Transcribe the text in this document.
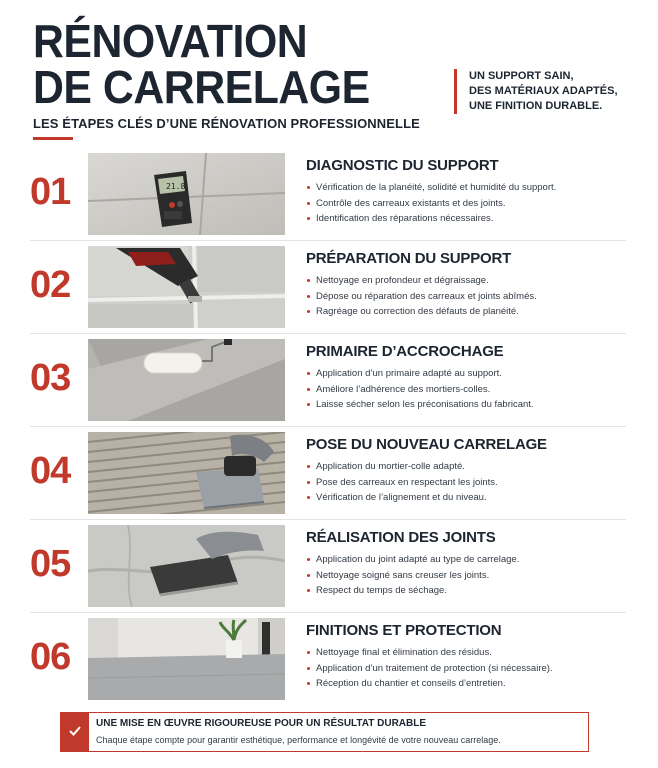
RÉNOVATION
DE CARRELAGE
LES ÉTAPES CLÉS D’UNE RÉNOVATION PROFESSIONNELLE
UN SUPPORT SAIN,
DES MATÉRIAUX ADAPTÉS,
UNE FINITION DURABLE.
01	21.8
DIAGNOSTIC DU SUPPORT
Vérification de la planéité, solidité et humidité du support.
Contrôle des carreaux existants et des joints.
Identification des réparations nécessaires.
02
PRÉPARATION DU SUPPORT
Nettoyage en profondeur et dégraissage.
Dépose ou réparation des carreaux et joints abîmés.
Ragréage ou correction des défauts de planéité.
03
PRIMAIRE D’ACCROCHAGE
Application d’un primaire adapté au support.
Améliore l’adhérence des mortiers-colles.
Laisse sécher selon les préconisations du fabricant.
04
POSE DU NOUVEAU CARRELAGE
Application du mortier-colle adapté.
Pose des carreaux en respectant les joints.
Vérification de l’alignement et du niveau.
05
RÉALISATION DES JOINTS
Application du joint adapté au type de carrelage.
Nettoyage soigné sans creuser les joints.
Respect du temps de séchage.
06
FINITIONS ET PROTECTION
Nettoyage final et élimination des résidus.
Application d’un traitement de protection (si nécessaire).
Réception du chantier et conseils d’entretien.
UNE MISE EN ŒUVRE RIGOUREUSE POUR UN RÉSULTAT DURABLE
Chaque étape compte pour garantir esthétique, performance et longévité de votre nouveau carrelage.
